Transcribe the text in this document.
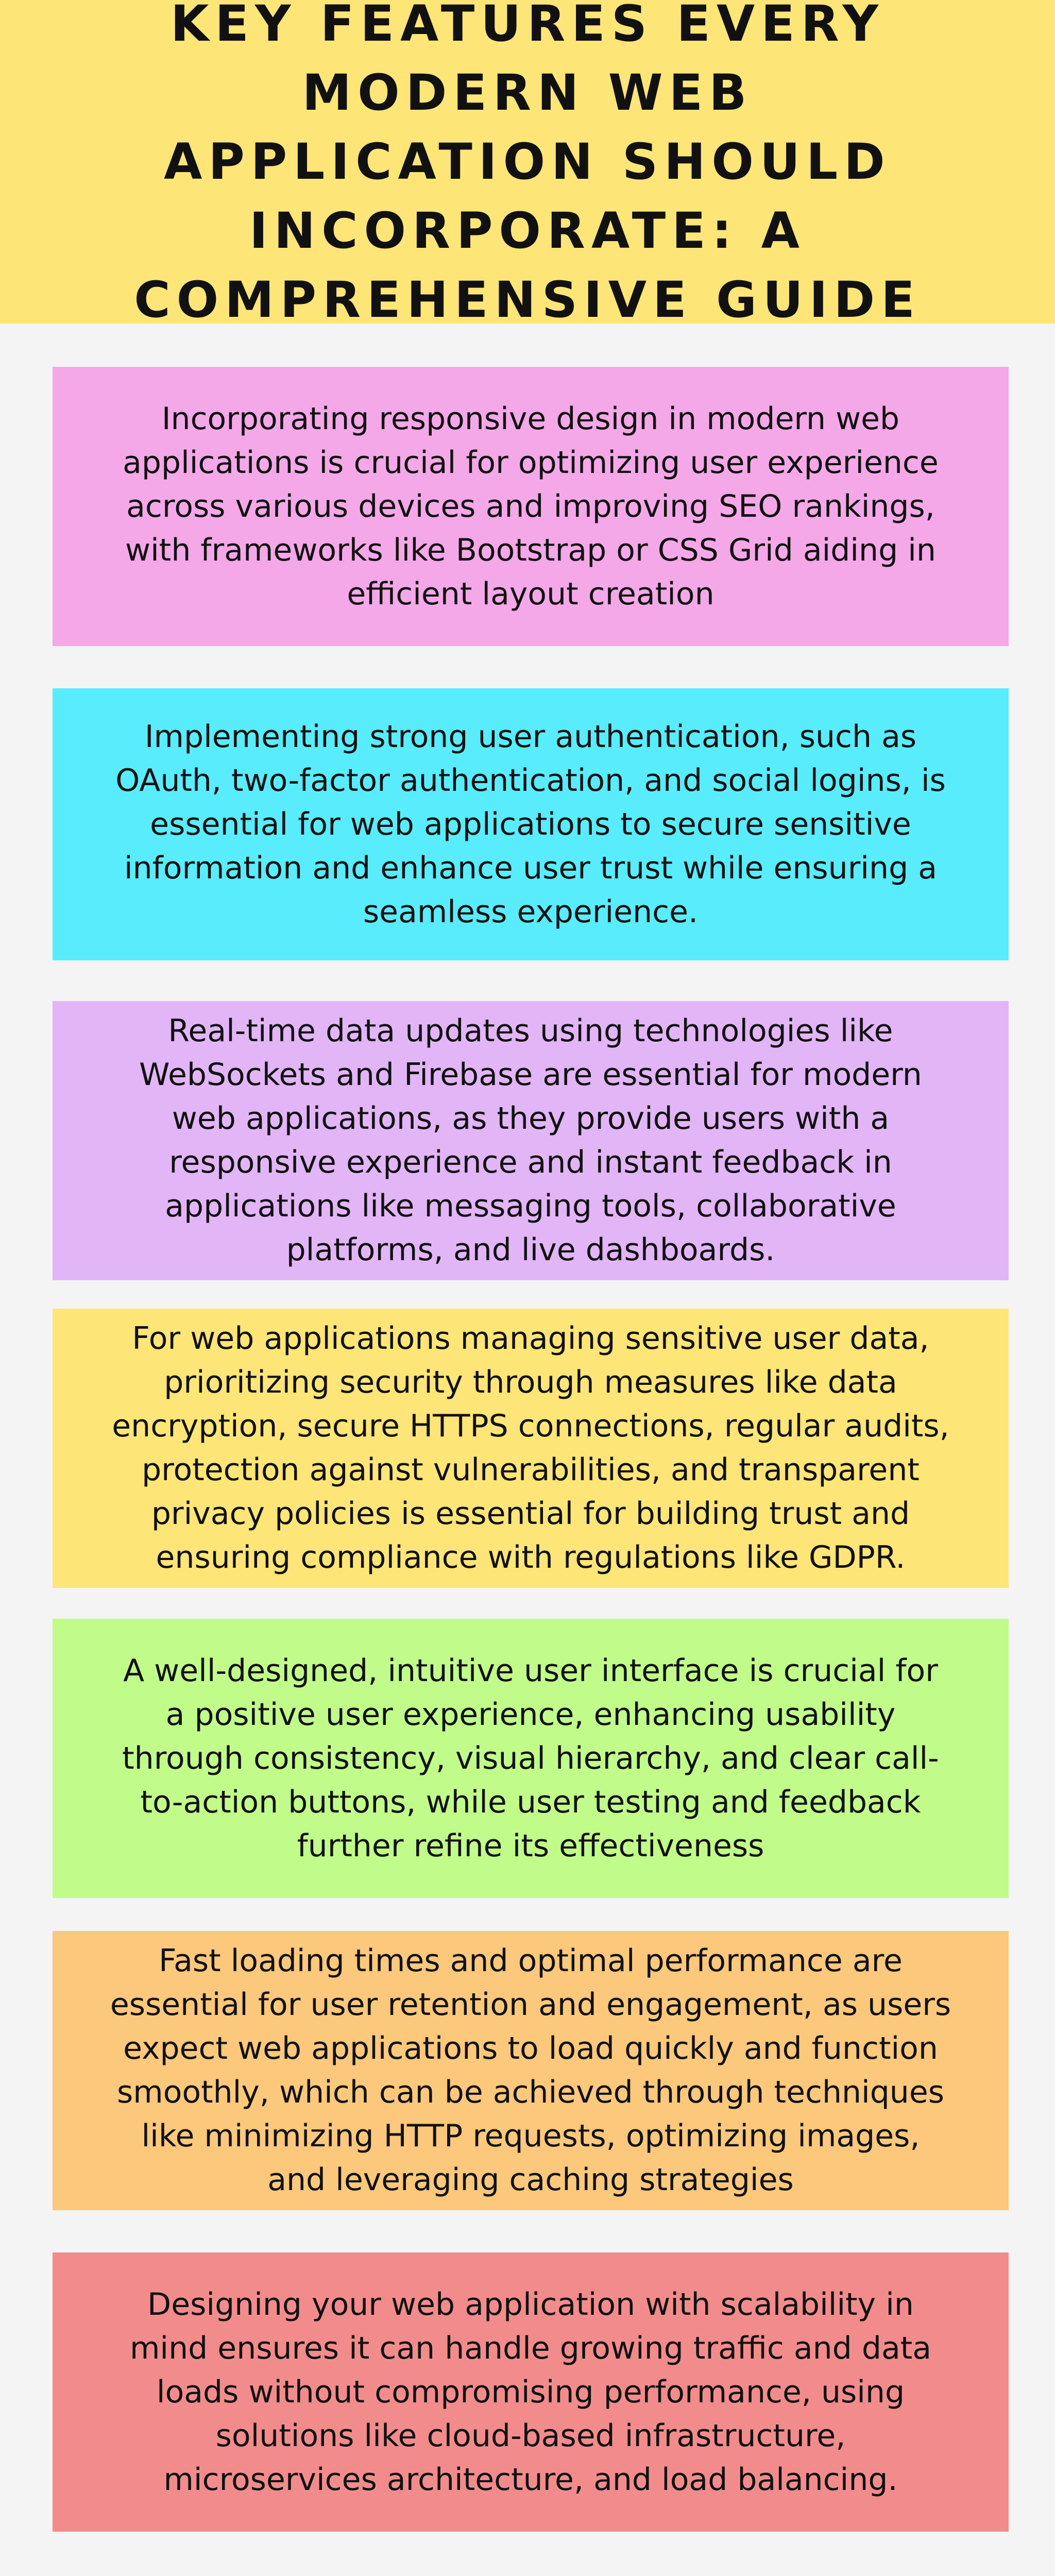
KEY FEATURES EVERY MODERN WEB APPLICATION SHOULD INCORPORATE: A COMPREHENSIVE GUIDE

Incorporating responsive design in modern web applications is crucial for optimizing user experience across various devices and improving SEO rankings, with frameworks like Bootstrap or CSS Grid aiding in efficient layout creation

Implementing strong user authentication, such as OAuth, two-factor authentication, and social logins, is essential for web applications to secure sensitive information and enhance user trust while ensuring a seamless experience.

Real-time data updates using technologies like WebSockets and Firebase are essential for modern web applications, as they provide users with a responsive experience and instant feedback in applications like messaging tools, collaborative platforms, and live dashboards.

For web applications managing sensitive user data, prioritizing security through measures like data encryption, secure HTTPS connections, regular audits, protection against vulnerabilities, and transparent privacy policies is essential for building trust and ensuring compliance with regulations like GDPR.

A well-designed, intuitive user interface is crucial for a positive user experience, enhancing usability through consistency, visual hierarchy, and clear call-to-action buttons, while user testing and feedback further refine its effectiveness

Fast loading times and optimal performance are essential for user retention and engagement, as users expect web applications to load quickly and function smoothly, which can be achieved through techniques like minimizing HTTP requests, optimizing images, and leveraging caching strategies

Designing your web application with scalability in mind ensures it can handle growing traffic and data loads without compromising performance, using solutions like cloud-based infrastructure, microservices architecture, and load balancing.
